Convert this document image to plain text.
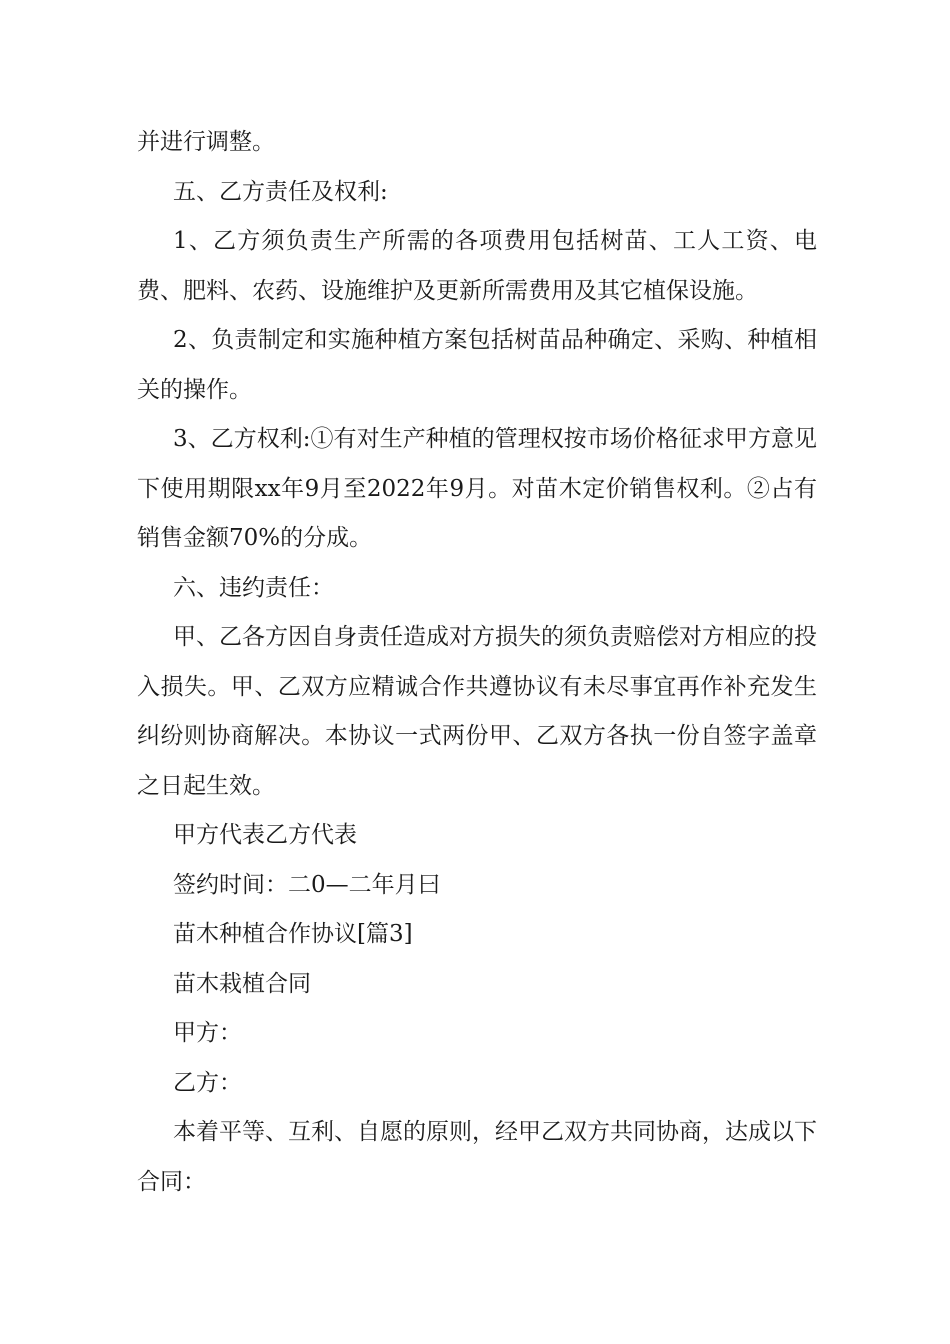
并进行调整。

五、乙方责任及权利:

1、乙方须负责生产所需的各项费用包括树苗、工人工资、电费、肥料、农药、设施维护及更新所需费用及其它植保设施。

2、负责制定和实施种植方案包括树苗品种确定、采购、种植相关的操作。

3、乙方权利:①有对生产种植的管理权按市场价格征求甲方意见下使用期限xx年9月至2022年9月。对苗木定价销售权利。②占有销售金额70%的分成。

六、违约责任：

甲、乙各方因自身责任造成对方损失的须负责赔偿对方相应的投入损失。甲、乙双方应精诚合作共遵协议有未尽事宜再作补充发生纠纷则协商解决。本协议一式两份甲、乙双方各执一份自签字盖章之日起生效。

甲方代表乙方代表

签约时间：二0—二年月曰

苗木种植合作协议[篇3]

苗木栽植合同

甲方：

乙方：

本着平等、互利、自愿的原则，经甲乙双方共同协商，达成以下合同：
